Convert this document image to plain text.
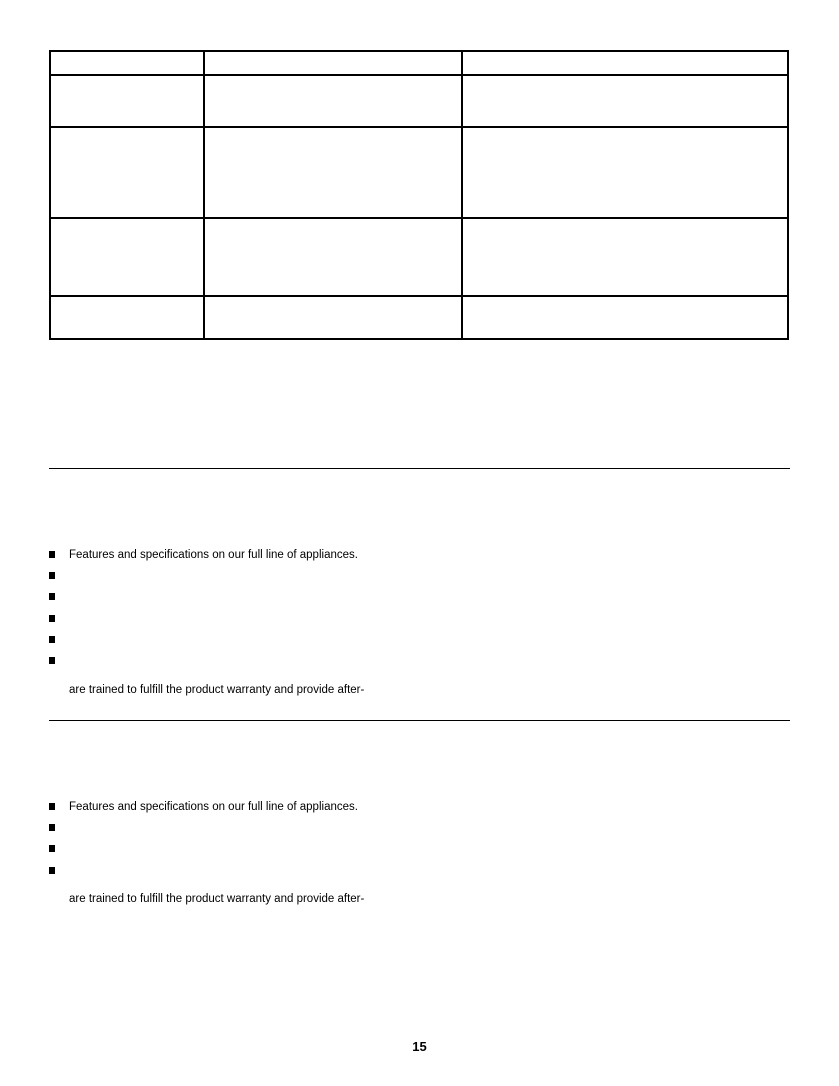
Features and specifications on our full line of appliances.
are trained to fulfill the product warranty and provide after-
Features and specifications on our full line of appliances.
are trained to fulfill the product warranty and provide after-
15
